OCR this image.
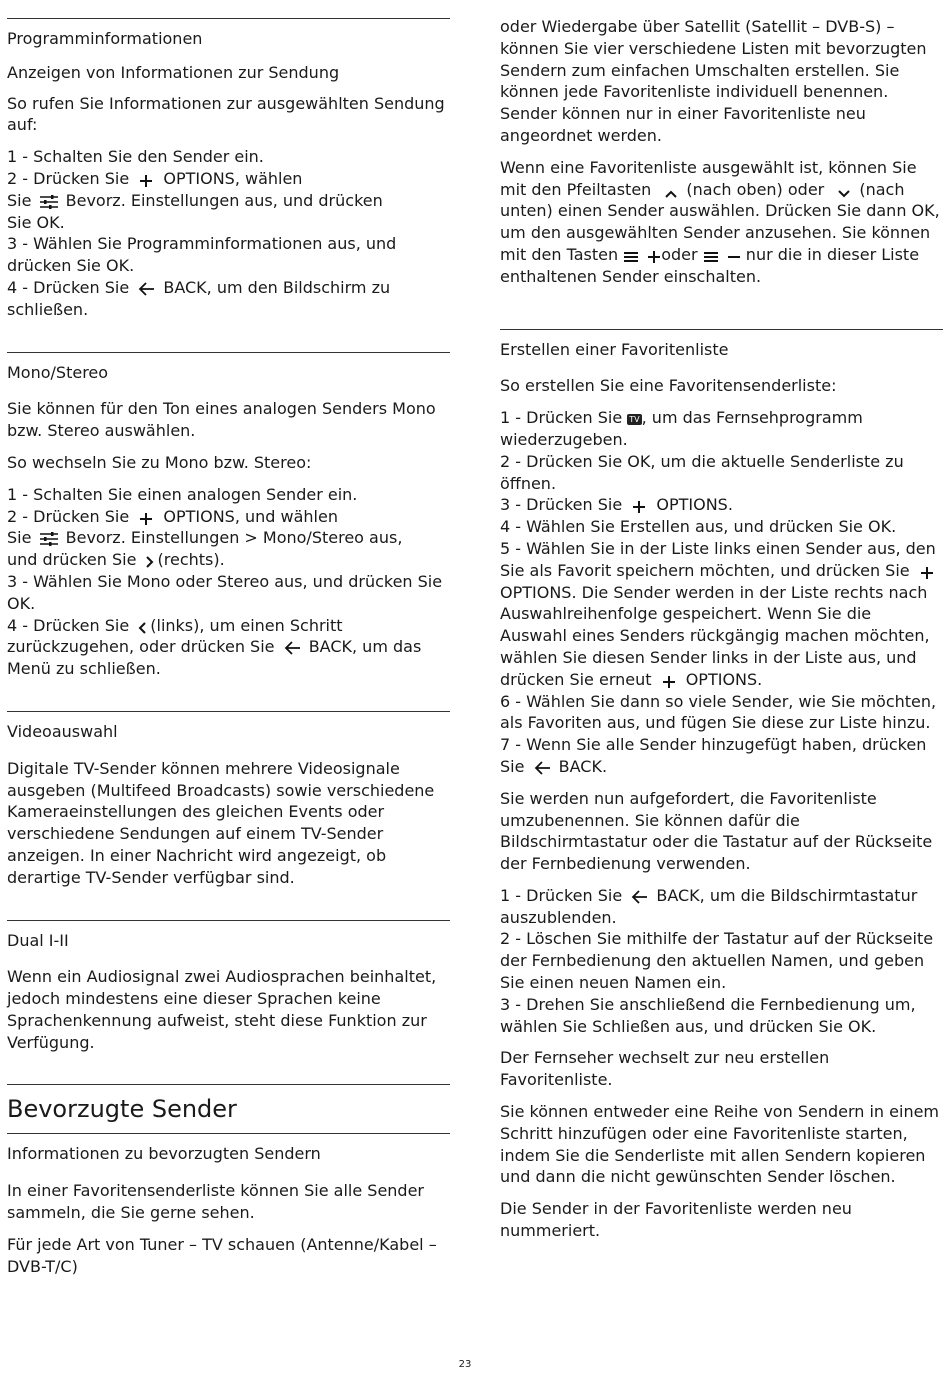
Programminformationen
Anzeigen von Informationen zur Sendung

So rufen Sie Informationen zur ausgewählten Sendung auf:

1 - Schalten Sie den Sender ein.
2 - Drücken Sie OPTIONS, wählen
Sie Bevorz. Einstellungen aus, und drücken
Sie OK.
3 - Wählen Sie Programminformationen aus, und drücken Sie OK.
4 - Drücken Sie BACK, um den Bildschirm zu schließen.
Mono/Stereo

Sie können für den Ton eines analogen Senders Mono bzw. Stereo auswählen.

So wechseln Sie zu Mono bzw. Stereo:

1 - Schalten Sie einen analogen Sender ein.
2 - Drücken Sie OPTIONS, und wählen
Sie Bevorz. Einstellungen > Mono/Stereo aus,
und drücken Sie (rechts).
3 - Wählen Sie Mono oder Stereo aus, und drücken Sie OK.
4 - Drücken Sie (links), um einen Schritt zurückzugehen, oder drücken Sie BACK, um das Menü zu schließen.
Videoauswahl

Digitale TV-Sender können mehrere Videosignale ausgeben (Multifeed Broadcasts) sowie verschiedene Kameraeinstellungen des gleichen Events oder verschiedene Sendungen auf einem TV-Sender anzeigen. In einer Nachricht wird angezeigt, ob derartige TV-Sender verfügbar sind.

Dual I-II

Wenn ein Audiosignal zwei Audiosprachen beinhaltet, jedoch mindestens eine dieser Sprachen keine Sprachenkennung aufweist, steht diese Funktion zur Verfügung.

Bevorzugte Sender
Informationen zu bevorzugten Sendern

In einer Favoritensenderliste können Sie alle Sender sammeln, die Sie gerne sehen.

Für jede Art von Tuner – TV schauen (Antenne/Kabel – DVB-T/C)

oder Wiedergabe über Satellit (Satellit – DVB-S) – können Sie vier verschiedene Listen mit bevorzugten Sendern zum einfachen Umschalten erstellen. Sie können jede Favoritenliste individuell benennen. Sender können nur in einer Favoritenliste neu angeordnet werden.

Wenn eine Favoritenliste ausgewählt ist, können Sie mit den Pfeiltasten (nach oben) oder (nach unten) einen Sender auswählen. Drücken Sie dann OK, um den ausgewählten Sender anzusehen. Sie können mit den Tasten	oder	nur die in dieser Liste enthaltenen Sender einschalten.

Erstellen einer Favoritenliste

So erstellen Sie eine Favoritensenderliste:

1 - Drücken Sie TV , um das Fernsehprogramm wiederzugeben.
2 - Drücken Sie OK, um die aktuelle Senderliste zu öffnen.
3 - Drücken Sie OPTIONS.
4 - Wählen Sie Erstellen aus, und drücken Sie OK.
5 - Wählen Sie in der Liste links einen Sender aus, den Sie als Favorit speichern möchten, und drücken Sie  OPTIONS. Die Sender werden in der Liste rechts nach Auswahlreihenfolge gespeichert. Wenn Sie die Auswahl eines Senders rückgängig machen möchten, wählen Sie diesen Sender links in der Liste aus, und drücken Sie erneut OPTIONS.
6 - Wählen Sie dann so viele Sender, wie Sie möchten, als Favoriten aus, und fügen Sie diese zur Liste hinzu.
7 - Wenn Sie alle Sender hinzugefügt haben, drücken Sie BACK.

Sie werden nun aufgefordert, die Favoritenliste umzubenennen. Sie können dafür die Bildschirmtastatur oder die Tastatur auf der Rückseite der Fernbedienung verwenden.

1 - Drücken Sie BACK, um die Bildschirmtastatur auszublenden.
2 - Löschen Sie mithilfe der Tastatur auf der Rückseite der Fernbedienung den aktuellen Namen, und geben Sie einen neuen Namen ein.
3 - Drehen Sie anschließend die Fernbedienung um, wählen Sie Schließen aus, und drücken Sie OK.

Der Fernseher wechselt zur neu erstellen Favoritenliste.

Sie können entweder eine Reihe von Sendern in einem Schritt hinzufügen oder eine Favoritenliste starten, indem Sie die Senderliste mit allen Sendern kopieren und dann die nicht gewünschten Sender löschen.

Die Sender in der Favoritenliste werden neu nummeriert.

23
